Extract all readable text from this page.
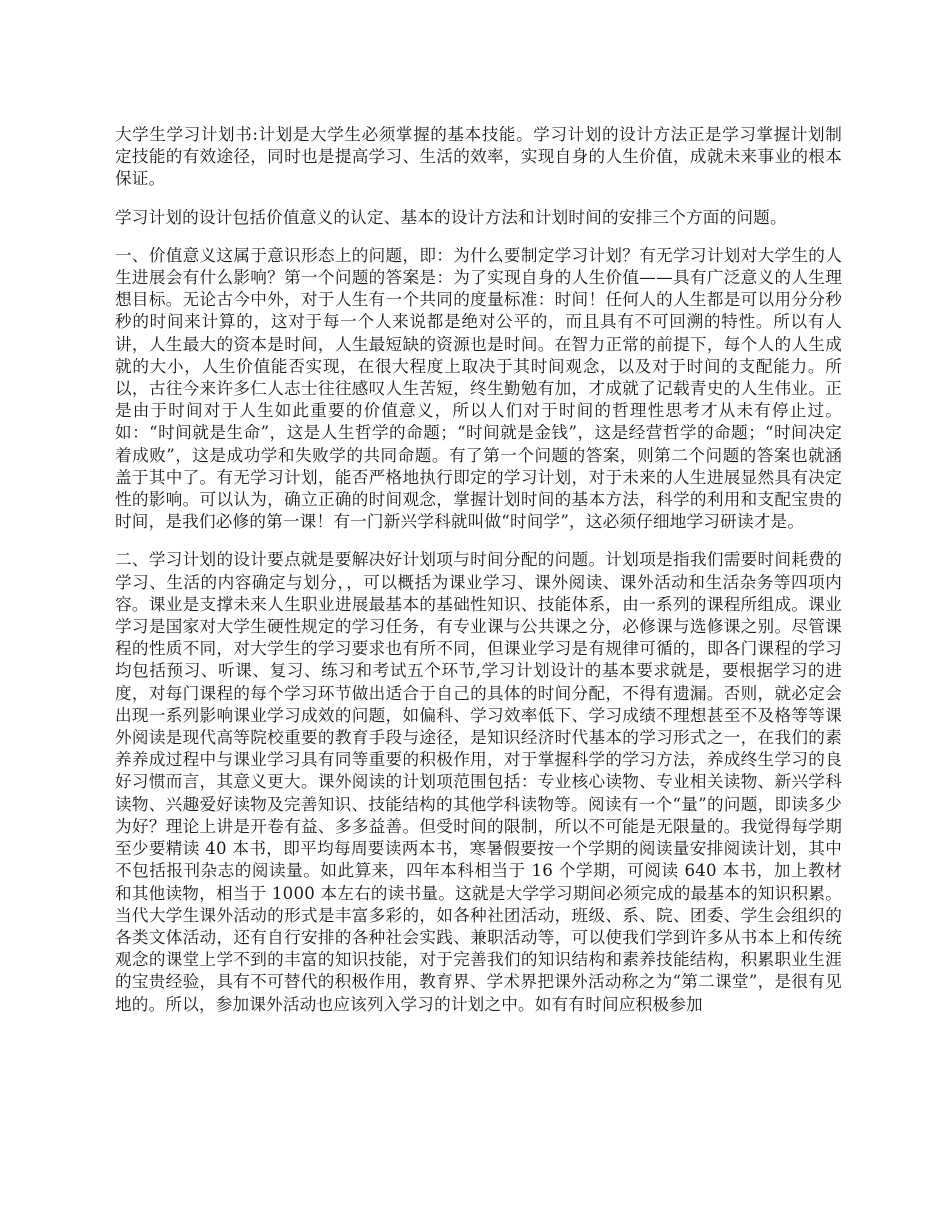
大学生学习计划书:计划是大学生必须掌握的基本技能。学习计划的设计方法正是学习掌握计划制定技能的有效途径，同时也是提高学习、生活的效率，实现自身的人生价值，成就未来事业的根本保证。

学习计划的设计包括价值意义的认定、基本的设计方法和计划时间的安排三个方面的问题。

一、价值意义这属于意识形态上的问题，即：为什么要制定学习计划？有无学习计划对大学生的人生进展会有什么影响？第一个问题的答案是：为了实现自身的人生价值——具有广泛意义的人生理想目标。无论古今中外，对于人生有一个共同的度量标准：时间！任何人的人生都是可以用分分秒秒的时间来计算的，这对于每一个人来说都是绝对公平的，而且具有不可回溯的特性。所以有人讲，人生最大的资本是时间，人生最短缺的资源也是时间。在智力正常的前提下，每个人的人生成就的大小，人生价值能否实现，在很大程度上取决于其时间观念，以及对于时间的支配能力。所以，古往今来许多仁人志士往往感叹人生苦短，终生勤勉有加，才成就了记载青史的人生伟业。正是由于时间对于人生如此重要的价值意义，所以人们对于时间的哲理性思考才从未有停止过。如：“时间就是生命”，这是人生哲学的命题；“时间就是金钱”，这是经营哲学的命题；“时间决定着成败”，这是成功学和失败学的共同命题。有了第一个问题的答案，则第二个问题的答案也就涵盖于其中了。有无学习计划，能否严格地执行即定的学习计划，对于未来的人生进展显然具有决定性的影响。可以认为，确立正确的时间观念，掌握计划时间的基本方法，科学的利用和支配宝贵的时间，是我们必修的第一课！有一门新兴学科就叫做“时间学”，这必须仔细地学习研读才是。

二、学习计划的设计要点就是要解决好计划项与时间分配的问题。计划项是指我们需要时间耗费的学习、生活的内容确定与划分，，可以概括为课业学习、课外阅读、课外活动和生活杂务等四项内容。课业是支撑未来人生职业进展最基本的基础性知识、技能体系，由一系列的课程所组成。课业学习是国家对大学生硬性规定的学习任务，有专业课与公共课之分，必修课与选修课之别。尽管课程的性质不同，对大学生的学习要求也有所不同，但课业学习是有规律可循的，即各门课程的学习均包括预习、听课、复习、练习和考试五个环节,学习计划设计的基本要求就是，要根据学习的进度，对每门课程的每个学习环节做出适合于自己的具体的时间分配，不得有遗漏。否则，就必定会出现一系列影响课业学习成效的问题，如偏科、学习效率低下、学习成绩不理想甚至不及格等等课外阅读是现代高等院校重要的教育手段与途径，是知识经济时代基本的学习形式之一，在我们的素养养成过程中与课业学习具有同等重要的积极作用，对于掌握科学的学习方法，养成终生学习的良好习惯而言，其意义更大。课外阅读的计划项范围包括：专业核心读物、专业相关读物、新兴学科读物、兴趣爱好读物及完善知识、技能结构的其他学科读物等。阅读有一个“量”的问题，即读多少为好？理论上讲是开卷有益、多多益善。但受时间的限制，所以不可能是无限量的。我觉得每学期至少要精读 40 本书，即平均每周要读两本书，寒暑假要按一个学期的阅读量安排阅读计划，其中不包括报刊杂志的阅读量。如此算来，四年本科相当于 16 个学期，可阅读 640 本书，加上教材和其他读物，相当于 1000 本左右的读书量。这就是大学学习期间必须完成的最基本的知识积累。 当代大学生课外活动的形式是丰富多彩的，如各种社团活动，班级、系、院、团委、学生会组织的各类文体活动，还有自行安排的各种社会实践、兼职活动等，可以使我们学到许多从书本上和传统观念的课堂上学不到的丰富的知识技能，对于完善我们的知识结构和素养技能结构，积累职业生涯的宝贵经验，具有不可替代的积极作用，教育界、学术界把课外活动称之为“第二课堂”，是很有见地的。所以，参加课外活动也应该列入学习的计划之中。如有有时间应积极参加
